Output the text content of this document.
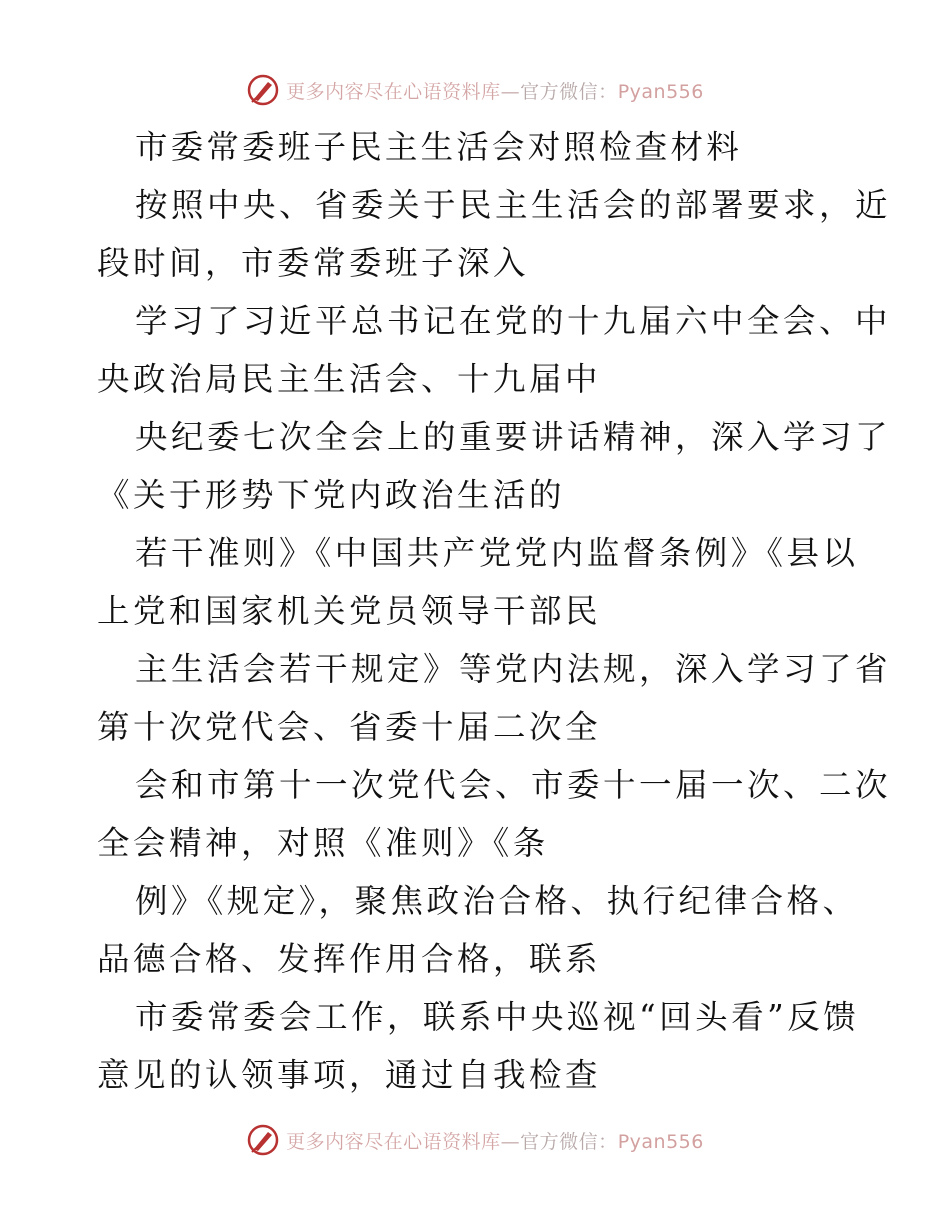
更多内容尽在心语资料库—官方微信：Pyan556
市委常委班子民主生活会对照检查材料
按照中央、省委关于民主生活会的部署要求，近
段时间，市委常委班子深入
学习了习近平总书记在党的十九届六中全会、中
央政治局民主生活会、十九届中
央纪委七次全会上的重要讲话精神，深入学习了
《关于形势下党内政治生活的
若干准则》《中国共产党党内监督条例》《县以
上党和国家机关党员领导干部民
主生活会若干规定》等党内法规，深入学习了省
第十次党代会、省委十届二次全
会和市第十一次党代会、市委十一届一次、二次
全会精神，对照《准则》《条
例》《规定》，聚焦政治合格、执行纪律合格、
品德合格、发挥作用合格，联系
市委常委会工作，联系中央巡视“回头看”反馈
意见的认领事项，通过自我检查
更多内容尽在心语资料库—官方微信：Pyan556
